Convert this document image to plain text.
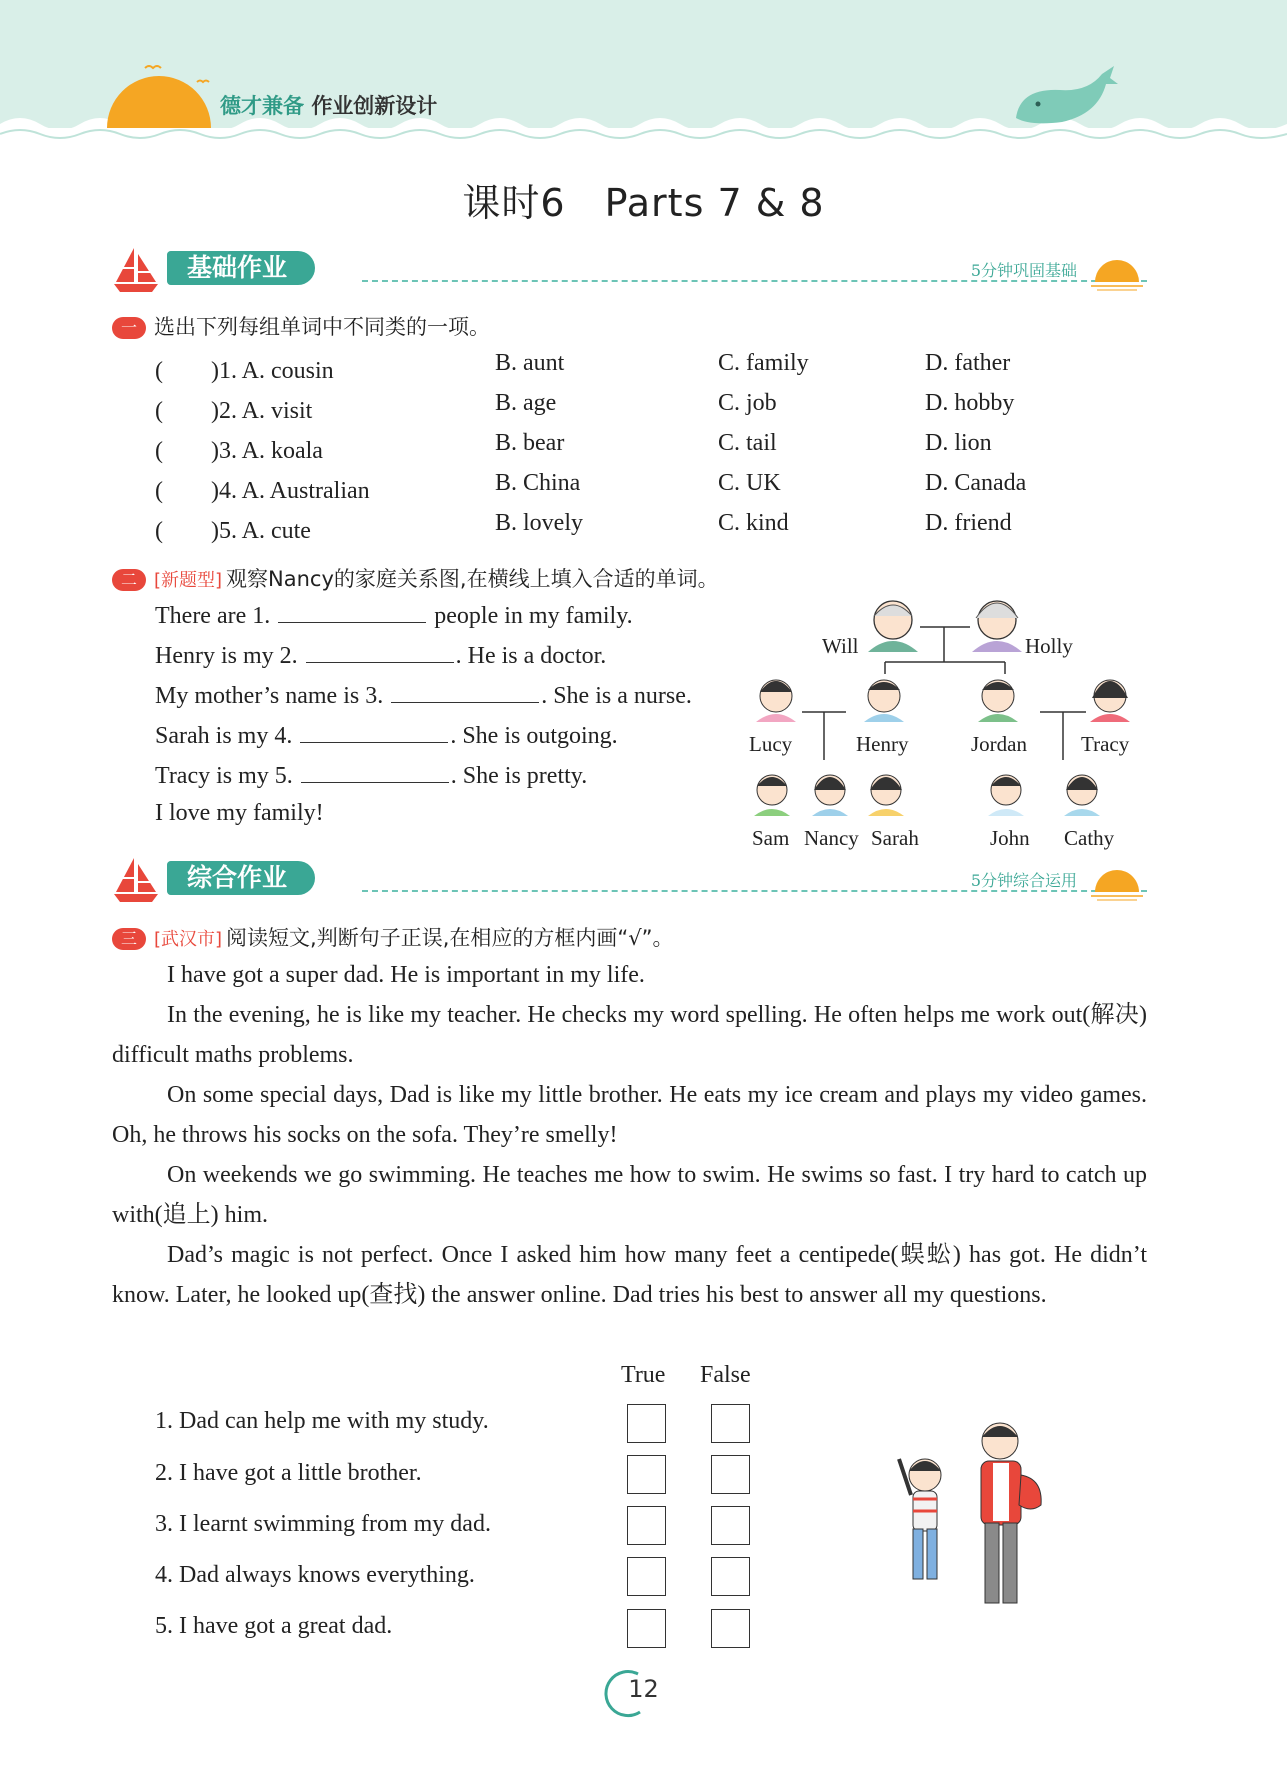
德才兼备 作业创新设计
课时6　Parts 7 & 8
基础作业	5分钟巩固基础
一 选出下列每组单词中不同类的一项。
(　　)1. A. cousin	B. aunt	C. family	D. father
(　　)2. A. visit	B. age	C. job	D. hobby
(　　)3. A. koala	B. bear	C. tail	D. lion
(　　)4. A. Australian	B. China	C. UK	D. Canada
(　　)5. A. cute	B. lovely	C. kind	D. friend
二 [新题型] 观察Nancy的家庭关系图,在横线上填入合适的单词。
There are 1.	people in my family.
Henry is my 2.	. He is a doctor.
My mother’s name is 3.	. She is a nurse.
Sarah is my 4.	. She is outgoing.
Tracy is my 5.	. She is pretty.
I love my family!
Will	Holly
Lucy	Henry	Jordan	Tracy
Sam Nancy Sarah	John Cathy
综合作业	5分钟综合运用
三 [武汉市] 阅读短文,判断句子正误,在相应的方框内画“√”。
I have got a super dad. He is important in my life.
In the evening, he is like my teacher. He checks my word spelling. He often helps me work out(解决) difficult maths problems.
On some special days, Dad is like my little brother. He eats my ice cream and plays my video games. Oh, he throws his socks on the sofa. They’re smelly!
On weekends we go swimming. He teaches me how to swim. He swims so fast. I try hard to catch up with(追上) him.
Dad’s magic is not perfect. Once I asked him how many feet a centipede(蜈蚣) has got. He didn’t know. Later, he looked up(查找) the answer online. Dad tries his best to answer all my questions.
True False
1. Dad can help me with my study.
2. I have got a little brother.
3. I learnt swimming from my dad.
4. Dad always knows everything.
5. I have got a great dad.
12
